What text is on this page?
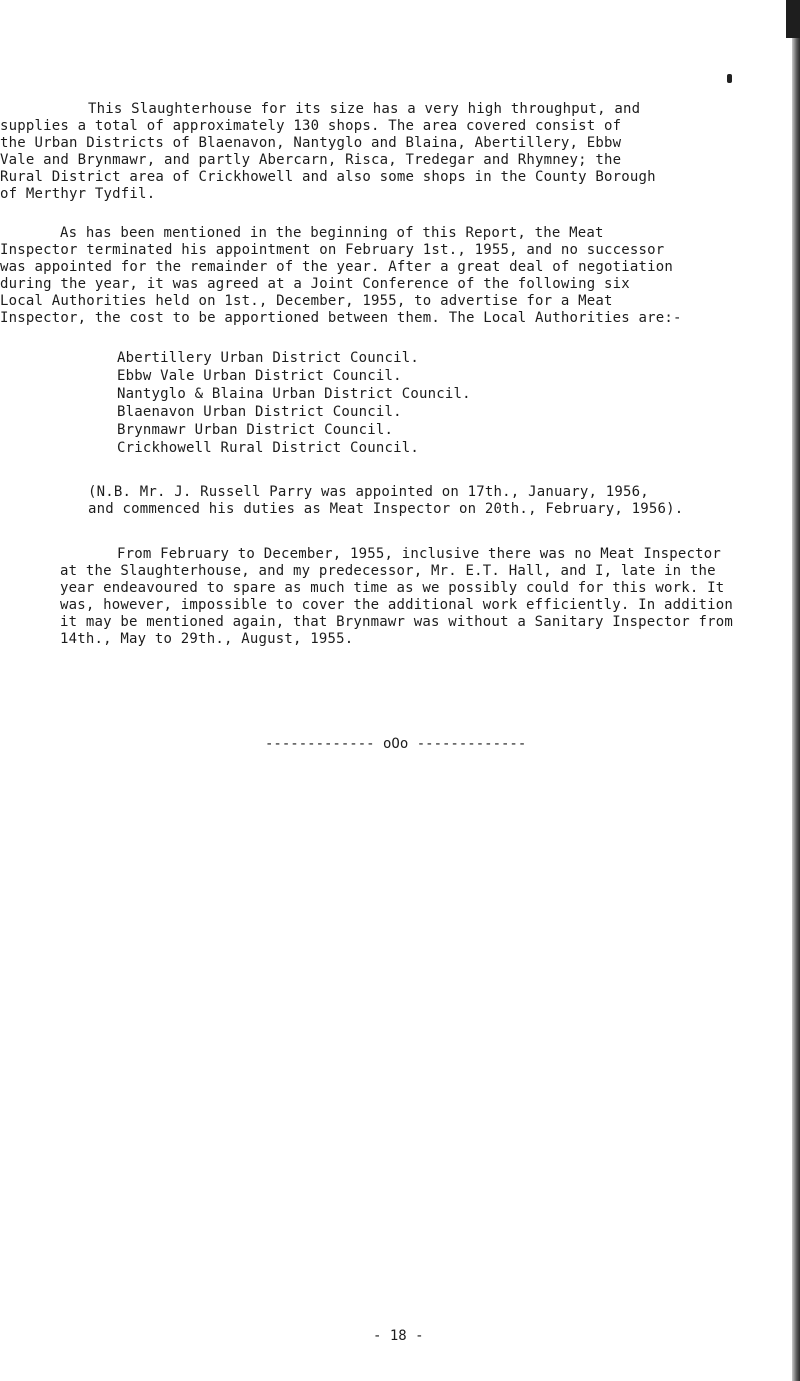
This Slaughterhouse for its size has a very high throughput, and
supplies a total of approximately 130 shops. The area covered consist of
the Urban Districts of Blaenavon, Nantyglo and Blaina, Abertillery, Ebbw
Vale and Brynmawr, and partly Abercarn, Risca, Tredegar and Rhymney; the
Rural District area of Crickhowell and also some shops in the County Borough
of Merthyr Tydfil.
As has been mentioned in the beginning of this Report, the Meat
Inspector terminated his appointment on February 1st., 1955, and no successor
was appointed for the remainder of the year. After a great deal of negotiation
during the year, it was agreed at a Joint Conference of the following six
Local Authorities held on 1st., December, 1955, to advertise for a Meat
Inspector, the cost to be apportioned between them. The Local Authorities are:-
Abertillery Urban District Council.
Ebbw Vale Urban District Council.
Nantyglo & Blaina Urban District Council.
Blaenavon Urban District Council.
Brynmawr Urban District Council.
Crickhowell Rural District Council.
(N.B. Mr. J. Russell Parry was appointed on 17th., January, 1956,
and commenced his duties as Meat Inspector on 20th., February, 1956).
From February to December, 1955, inclusive there was no Meat Inspector
at the Slaughterhouse, and my predecessor, Mr. E.T. Hall, and I, late in the
year endeavoured to spare as much time as we possibly could for this work. It
was, however, impossible to cover the additional work efficiently. In addition
it may be mentioned again, that Brynmawr was without a Sanitary Inspector from
14th., May to 29th., August, 1955.
------------- oOo -------------
- 18 -
